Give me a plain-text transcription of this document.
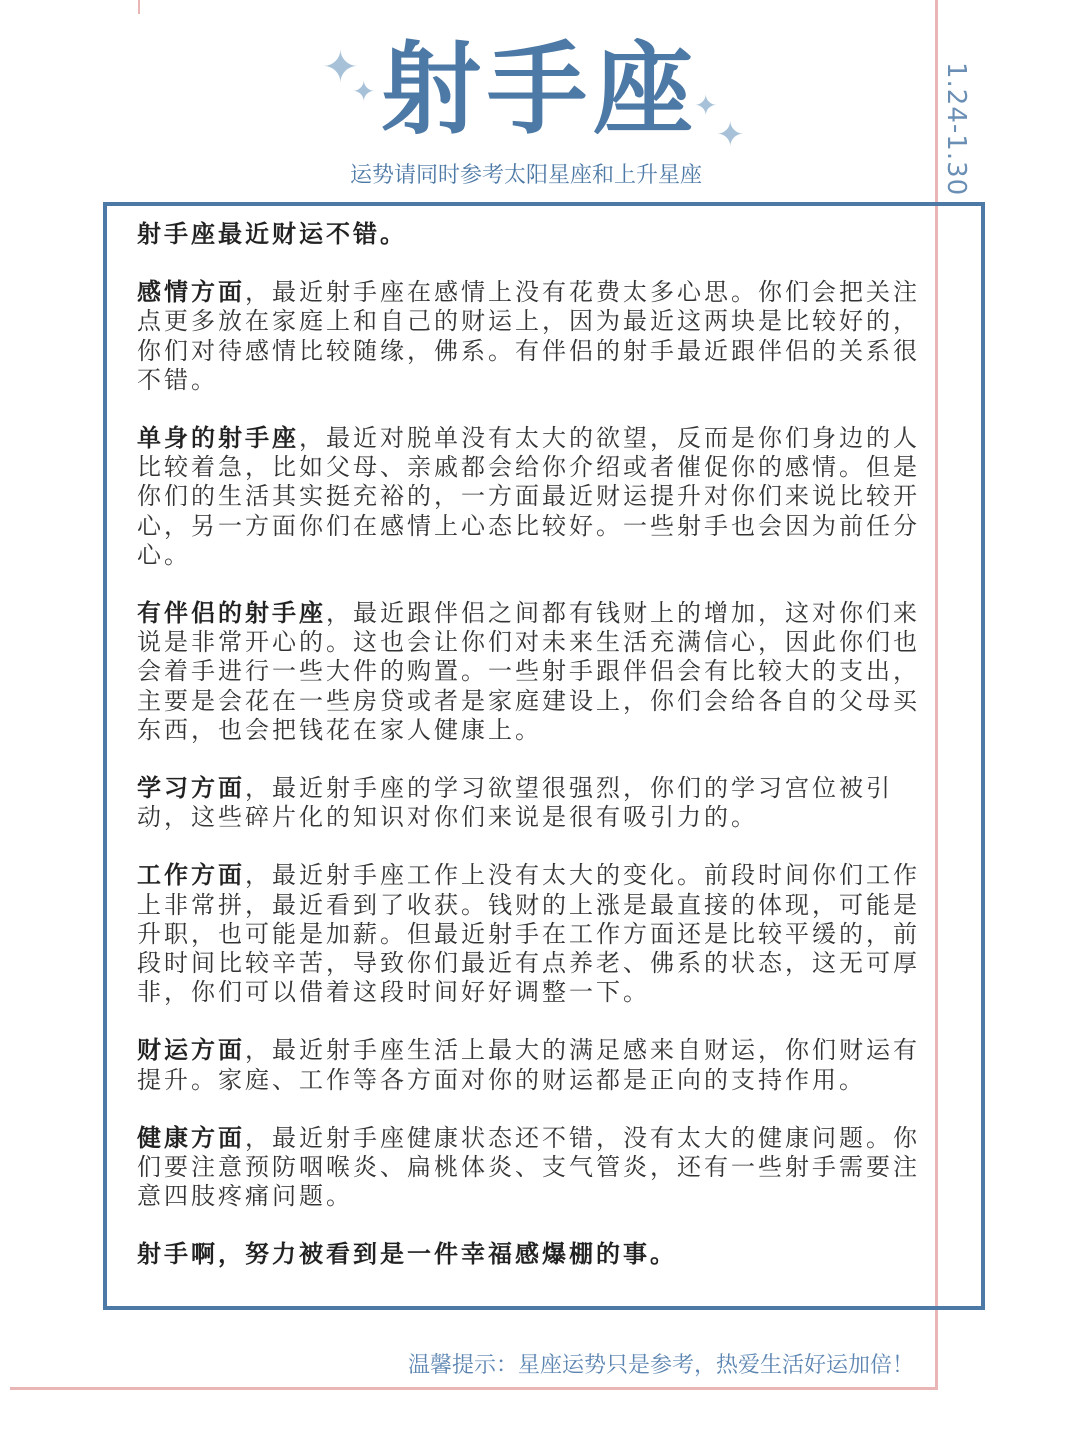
✦
✦	✦
✦
射手座
运势请同时参考太阳星座和上升星座	1.24-1.30

射手座最近财运不错。

感情方面，最近射手座在感情上没有花费太多心思。你们会把关注点更多放在家庭上和自己的财运上，因为最近这两块是比较好的，你们对待感情比较随缘，佛系。有伴侣的射手最近跟伴侣的关系很不错。

单身的射手座，最近对脱单没有太大的欲望，反而是你们身边的人比较着急，比如父母、亲戚都会给你介绍或者催促你的感情。但是你们的生活其实挺充裕的，一方面最近财运提升对你们来说比较开心，另一方面你们在感情上心态比较好。一些射手也会因为前任分心。

有伴侣的射手座，最近跟伴侣之间都有钱财上的增加，这对你们来说是非常开心的。这也会让你们对未来生活充满信心，因此你们也会着手进行一些大件的购置。一些射手跟伴侣会有比较大的支出，主要是会花在一些房贷或者是家庭建设上，你们会给各自的父母买东西，也会把钱花在家人健康上。

学习方面，最近射手座的学习欲望很强烈，你们的学习宫位被引动，这些碎片化的知识对你们来说是很有吸引力的。

工作方面，最近射手座工作上没有太大的变化。前段时间你们工作上非常拼，最近看到了收获。钱财的上涨是最直接的体现，可能是升职，也可能是加薪。但最近射手在工作方面还是比较平缓的，前段时间比较辛苦，导致你们最近有点养老、佛系的状态，这无可厚非，你们可以借着这段时间好好调整一下。

财运方面，最近射手座生活上最大的满足感来自财运，你们财运有提升。家庭、工作等各方面对你的财运都是正向的支持作用。

健康方面，最近射手座健康状态还不错，没有太大的健康问题。你们要注意预防咽喉炎、扁桃体炎、支气管炎，还有一些射手需要注意四肢疼痛问题。

射手啊，努力被看到是一件幸福感爆棚的事。

温馨提示：星座运势只是参考，热爱生活好运加倍！
